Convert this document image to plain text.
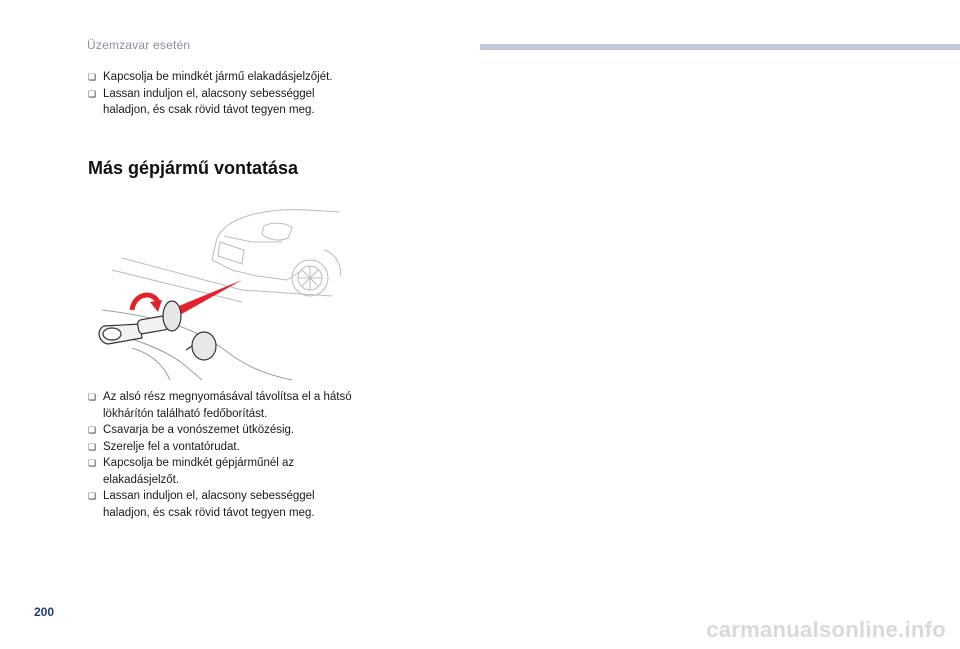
Üzemzavar esetén
❏ Kapcsolja be mindkét jármű elakadásjelzőjét.
❏ Lassan induljon el, alacsony sebességgel haladjon, és csak rövid távot tegyen meg.
Más gépjármű vontatása
❏ Az alsó rész megnyomásával távolítsa el a hátsó lökhárítón található fedőborítást.
❏ Csavarja be a vonószemet ütközésig.
❏ Szerelje fel a vontatórudat.
❏ Kapcsolja be mindkét gépjárműnél az elakadásjelzőt.
❏ Lassan induljon el, alacsony sebességgel haladjon, és csak rövid távot tegyen meg.
200
carmanualsonline.info
